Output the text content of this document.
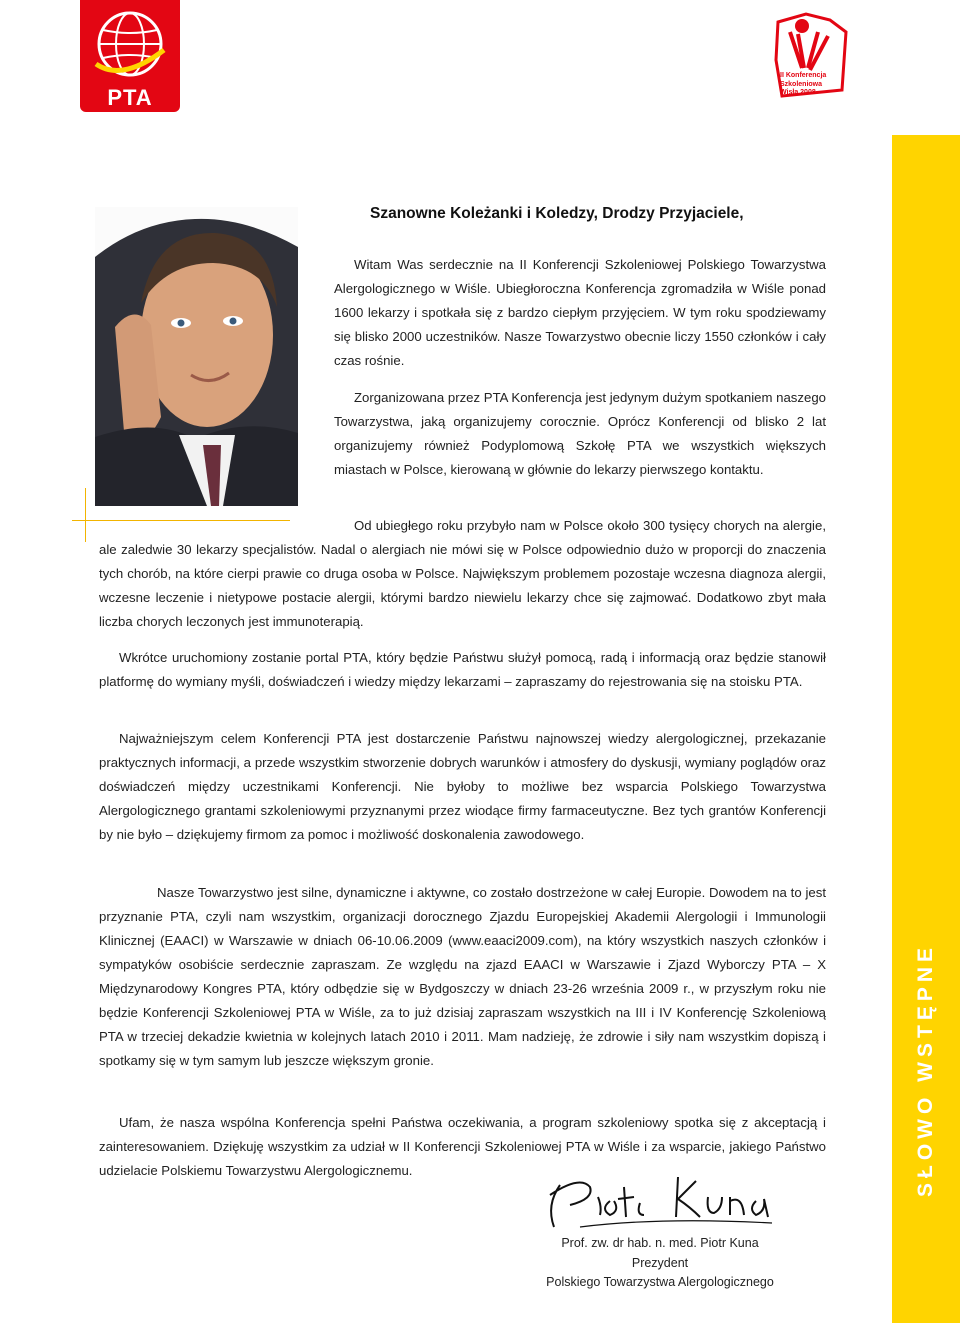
PTA
II Konferencja
Szkoleniowa
Wisła 2008
SŁOWO WSTĘPNE
Szanowne Koleżanki i Koledzy, Drodzy Przyjaciele,

Witam Was serdecznie na II Konferencji Szkoleniowej Polskiego Towarzystwa Alergologicznego w Wiśle. Ubiegłoroczna Konferencja zgromadziła w Wiśle ponad 1600 lekarzy i spotkała się z bardzo ciepłym przyjęciem. W tym roku spodziewamy się blisko 2000 uczestników. Nasze Towarzystwo obecnie liczy 1550 członków i cały czas rośnie.

Zorganizowana przez PTA Konferencja jest jedynym dużym spotkaniem naszego Towarzystwa, jaką organizujemy corocznie. Oprócz Konferencji od blisko 2 lat organizujemy również Podyplomową Szkołę PTA we wszystkich większych miastach w Polsce, kierowaną w głównie do lekarzy pierwszego kontaktu.

Od ubiegłego roku przybyło nam w Polsce około 300 tysięcy chorych na alergie, ale zaledwie 30 lekarzy specjalistów. Nadal o alergiach nie mówi się w Polsce odpowiednio dużo w proporcji do znaczenia tych chorób, na które cierpi prawie co druga osoba w Polsce. Największym problemem pozostaje wczesna diagnoza alergii, wczesne leczenie i nietypowe postacie alergii, którymi bardzo niewielu lekarzy chce się zajmować. Dodatkowo zbyt mała liczba chorych leczonych jest immunoterapią.

Wkrótce uruchomiony zostanie portal PTA, który będzie Państwu służył pomocą, radą i informacją oraz będzie stanowił platformę do wymiany myśli, doświadczeń i wiedzy między lekarzami – zapraszamy do rejestrowania się na stoisku PTA.

Najważniejszym celem Konferencji PTA jest dostarczenie Państwu najnowszej wiedzy alergologicznej, przekazanie praktycznych informacji, a przede wszystkim stworzenie dobrych warunków i atmosfery do dyskusji, wymiany poglądów oraz doświadczeń między uczestnikami Konferencji. Nie byłoby to możliwe bez wsparcia Polskiego Towarzystwa Alergologicznego grantami szkoleniowymi przyznanymi przez wiodące firmy farmaceutyczne. Bez tych grantów Konferencji by nie było – dziękujemy firmom za pomoc i możliwość doskonalenia zawodowego.

Nasze Towarzystwo jest silne, dynamiczne i aktywne, co zostało dostrzeżone w całej Europie. Dowodem na to jest przyznanie PTA, czyli nam wszystkim, organizacji dorocznego Zjazdu Europejskiej Akademii Alergologii i Immunologii Klinicznej (EAACI) w Warszawie w dniach 06-10.06.2009 (www.eaaci2009.com), na który wszystkich naszych członków i sympatyków osobiście serdecznie zapraszam. Ze względu na zjazd EAACI w Warszawie i Zjazd Wyborczy PTA – X Międzynarodowy Kongres PTA, który odbędzie się w Bydgoszczy w dniach 23-26 września 2009 r., w przyszłym roku nie będzie Konferencji Szkoleniowej PTA w Wiśle, za to już dzisiaj zapraszam wszystkich na III i IV Konferencję Szkoleniową PTA w trzeciej dekadzie kwietnia w kolejnych latach 2010 i 2011. Mam nadzieję, że zdrowie i siły nam wszystkim dopiszą i spotkamy się w tym samym lub jeszcze większym gronie.

Ufam, że nasza wspólna Konferencja spełni Państwa oczekiwania, a program szkoleniowy spotka się z akceptacją i zainteresowaniem. Dziękuję wszystkim za udział w II Konferencji Szkoleniowej PTA w Wiśle i za wsparcie, jakiego Państwo udzielacie Polskiemu Towarzystwu Alergologicznemu.

Prof. zw. dr hab. n. med. Piotr Kuna
Prezydent
Polskiego Towarzystwa Alergologicznego
